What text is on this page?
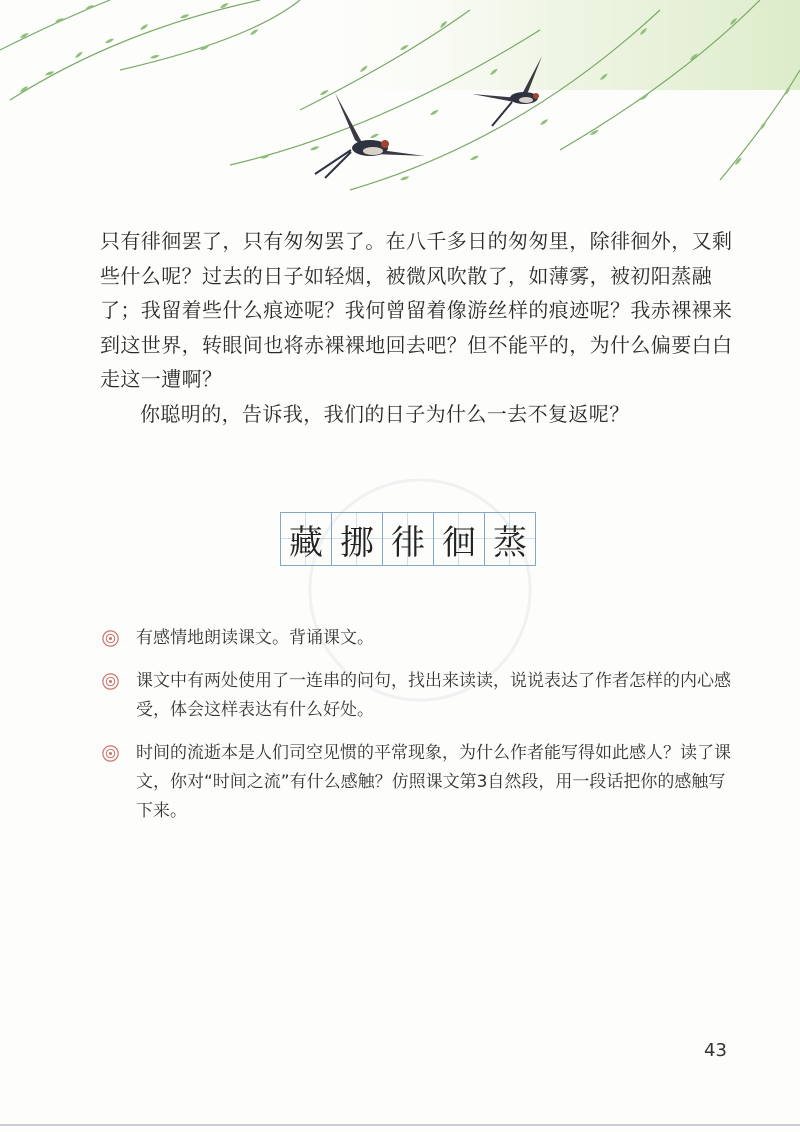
只有徘徊罢了，只有匆匆罢了。在八千多日的匆匆里，除徘徊外，又剩些什么呢？过去的日子如轻烟，被微风吹散了，如薄雾，被初阳蒸融了；我留着些什么痕迹呢？我何曾留着像游丝样的痕迹呢？我赤裸裸来到这世界，转眼间也将赤裸裸地回去吧？但不能平的，为什么偏要白白走这一遭啊？

你聪明的，告诉我，我们的日子为什么一去不复返呢？

藏 挪 徘 徊 蒸
有感情地朗读课文。背诵课文。
课文中有两处使用了一连串的问句，找出来读读，说说表达了作者怎样的内心感受，体会这样表达有什么好处。
时间的流逝本是人们司空见惯的平常现象，为什么作者能写得如此感人？读了课文，你对“时间之流”有什么感触？仿照课文第3自然段，用一段话把你的感触写下来。
43
